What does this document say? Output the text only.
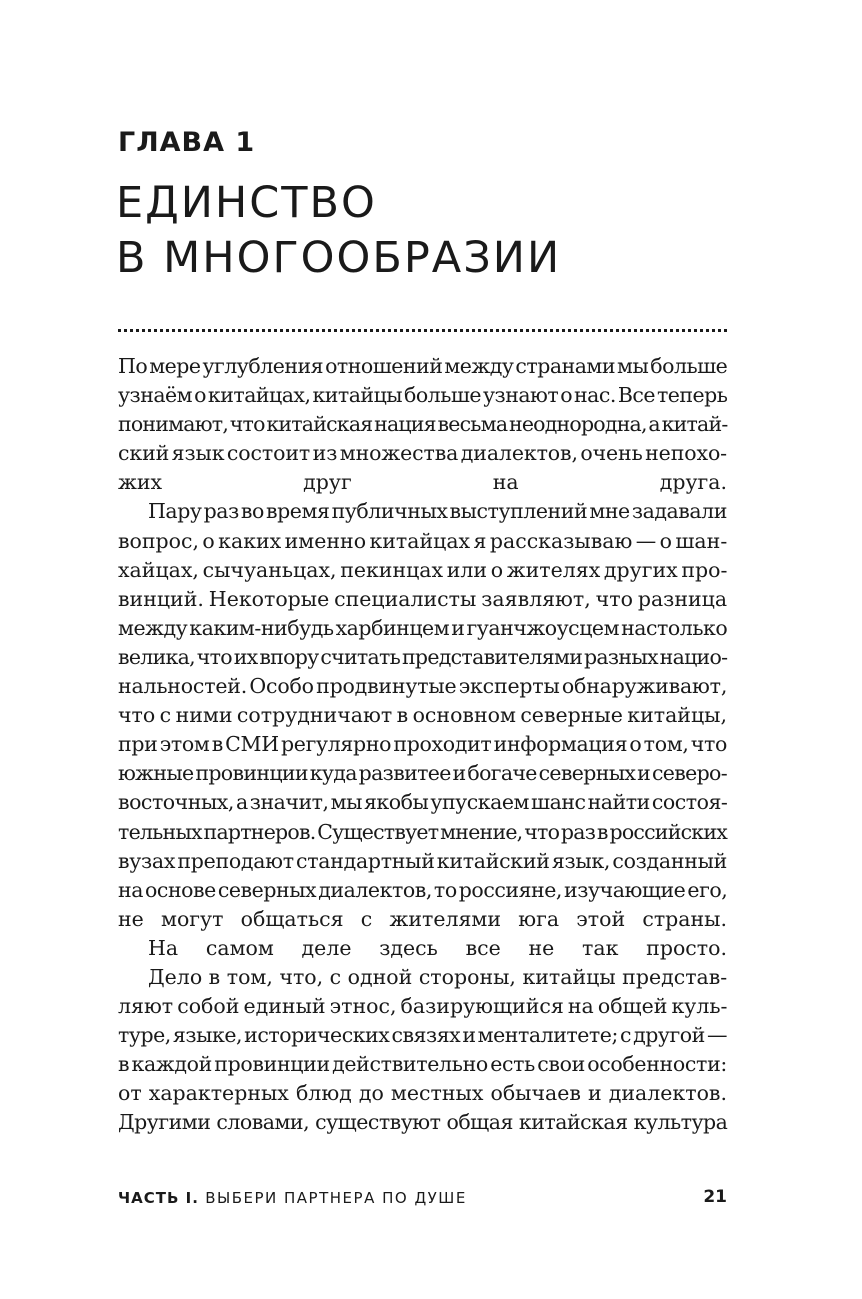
ГЛАВА 1
ЕДИНСТВО
В МНОГООБРАЗИИ

По мере углубления отношений между странами мы больше
узнаём о китайцах, китайцы больше узнают о нас. Все теперь
понимают, что китайская нация весьма неоднородна, а китай-
ский язык состоит из множества диалектов, очень непохо-
жих друг на друга.

Пару раз во время публичных выступлений мне задавали
вопрос, о каких именно китайцах я рассказываю — о шан-
хайцах, сычуаньцах, пекинцах или о жителях других про-
винций. Некоторые специалисты заявляют, что разница
между каким-нибудь харбинцем и гуанчжоусцем настолько
велика, что их впору считать представителями разных нацио-
нальностей. Особо продвинутые эксперты обнаруживают,
что с ними сотрудничают в основном северные китайцы,
при этом в СМИ регулярно проходит информация о том, что
южные провинции куда развитее и богаче северных и северо-
восточных, а значит, мы якобы упускаем шанс найти состоя-
тельных партнеров. Существует мнение, что раз в российских
вузах преподают стандартный китайский язык, созданный
на основе северных диалектов, то россияне, изучающие его,
не могут общаться с жителями юга этой страны.

На самом деле здесь все не так просто.

Дело в том, что, с одной стороны, китайцы представ-
ляют собой единый этнос, базирующийся на общей куль-
туре, языке, исторических связях и менталитете; с другой —
в каждой провинции действительно есть свои особенности:
от характерных блюд до местных обычаев и диалектов.
Другими словами, существуют общая китайская культура

ЧАСТЬ I. ВЫБЕРИ ПАРТНЕРА ПО ДУШЕ	21
